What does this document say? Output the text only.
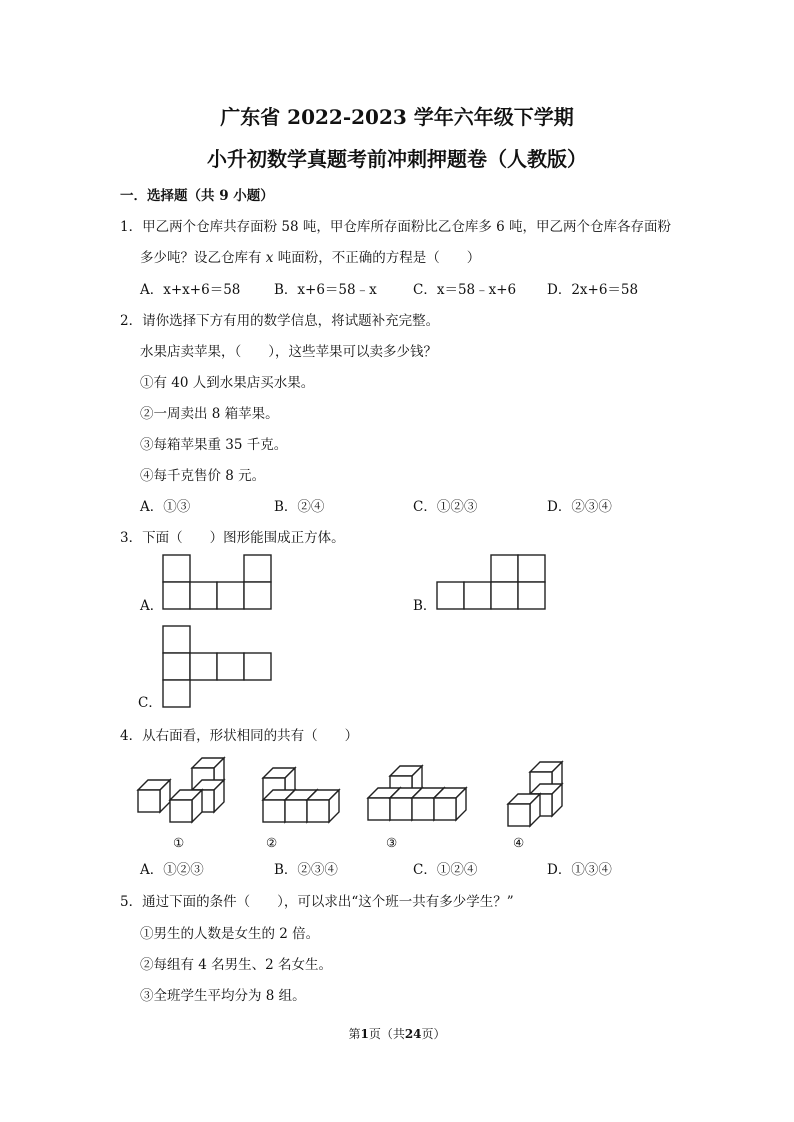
广东省 2022-2023 学年六年级下学期
小升初数学真题考前冲刺押题卷（人教版）
一．选择题（共 9 小题）
1．甲乙两个仓库共存面粉 58 吨，甲仓库所存面粉比乙仓库多 6 吨，甲乙两个仓库各存面粉
多少吨？设乙仓库有 x 吨面粉，不正确的方程是（　　）
A．x+x+6＝58 B．x+6＝58﹣x	C．x＝58﹣x+6 D．2x+6＝58
2．请你选择下方有用的数学信息，将试题补充完整。
水果店卖苹果，（　　），这些苹果可以卖多少钱？
①有 40 人到水果店买水果。
②一周卖出 8 箱苹果。
③每箱苹果重 35 千克。
④每千克售价 8 元。
A．①③	B．②④	C．①②③	D．②③④
3．下面（　　）图形能围成正方体。
A．	B．
C．
4．从右面看，形状相同的共有（　　）
①	②	③	④
A．①②③	B．②③④	C．①②④	D．①③④
5．通过下面的条件（　　），可以求出“这个班一共有多少学生？”
①男生的人数是女生的 2 倍。
②每组有 4 名男生、2 名女生。
③全班学生平均分为 8 组。
第1页（共24页）
